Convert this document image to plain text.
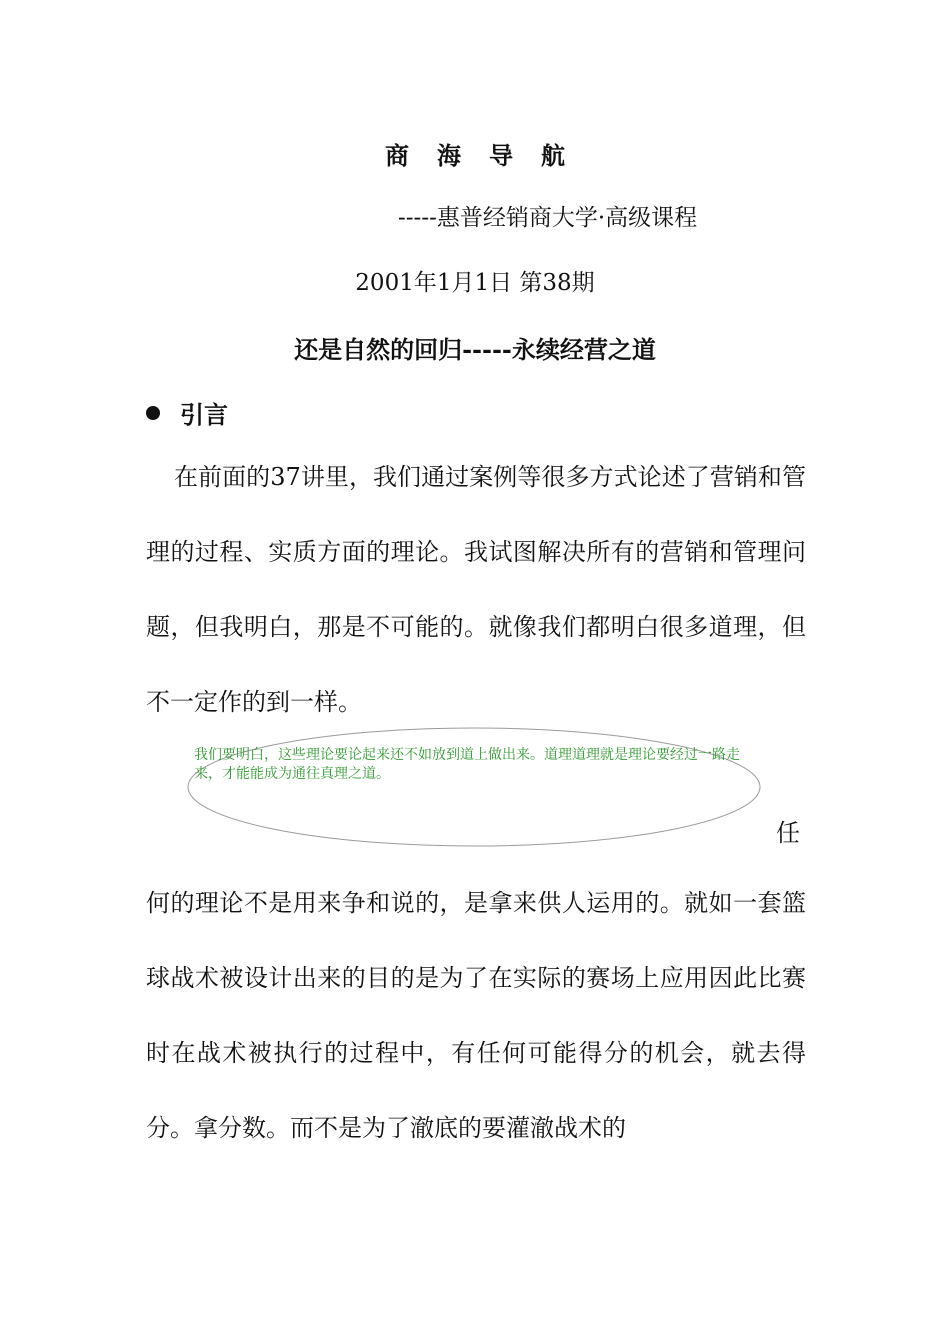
商海导航
-----惠普经销商大学·高级课程
2001年1月1日 第38期
还是自然的回归-----永续经营之道
引言
在前面的37讲里，我们通过案例等很多方式论述了营销和管理的过程、实质方面的理论。我试图解决所有的营销和管理问题，但我明白，那是不可能的。就像我们都明白很多道理，但不一定作的到一样。
我们要明白，这些理论要论起来还不如放到道上做出来。道理道理就是理论要经过一路走来，才能能成为通往真理之道。
任
何的理论不是用来争和说的，是拿来供人运用的。就如一套篮球战术被设计出来的目的是为了在实际的赛场上应用因此比赛时在战术被执行的过程中，有任何可能得分的机会，就去得分。拿分数。而不是为了澈底的要灌澈战术的
